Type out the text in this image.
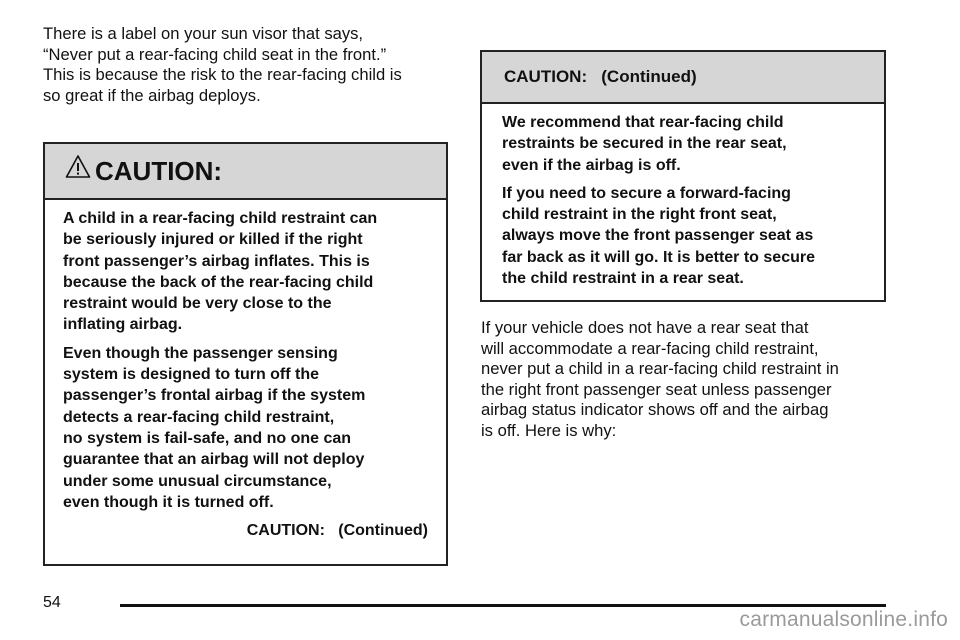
There is a label on your sun visor that says,
“Never put a rear-facing child seat in the front.”
This is because the risk to the rear-facing child is
so great if the airbag deploys.
CAUTION:

A child in a rear-facing child restraint can
be seriously injured or killed if the right
front passenger’s airbag inflates. This is
because the back of the rear-facing child
restraint would be very close to the
inflating airbag.

Even though the passenger sensing
system is designed to turn off the
passenger’s frontal airbag if the system
detects a rear-facing child restraint,
no system is fail-safe, and no one can
guarantee that an airbag will not deploy
under some unusual circumstance,
even though it is turned off.

CAUTION:   (Continued)

CAUTION:   (Continued)

We recommend that rear-facing child
restraints be secured in the rear seat,
even if the airbag is off.

If you need to secure a forward-facing
child restraint in the right front seat,
always move the front passenger seat as
far back as it will go. It is better to secure
the child restraint in a rear seat.

If your vehicle does not have a rear seat that
will accommodate a rear-facing child restraint,
never put a child in a rear-facing child restraint in
the right front passenger seat unless passenger
airbag status indicator shows off and the airbag
is off. Here is why:
54
carmanualsonline.info
